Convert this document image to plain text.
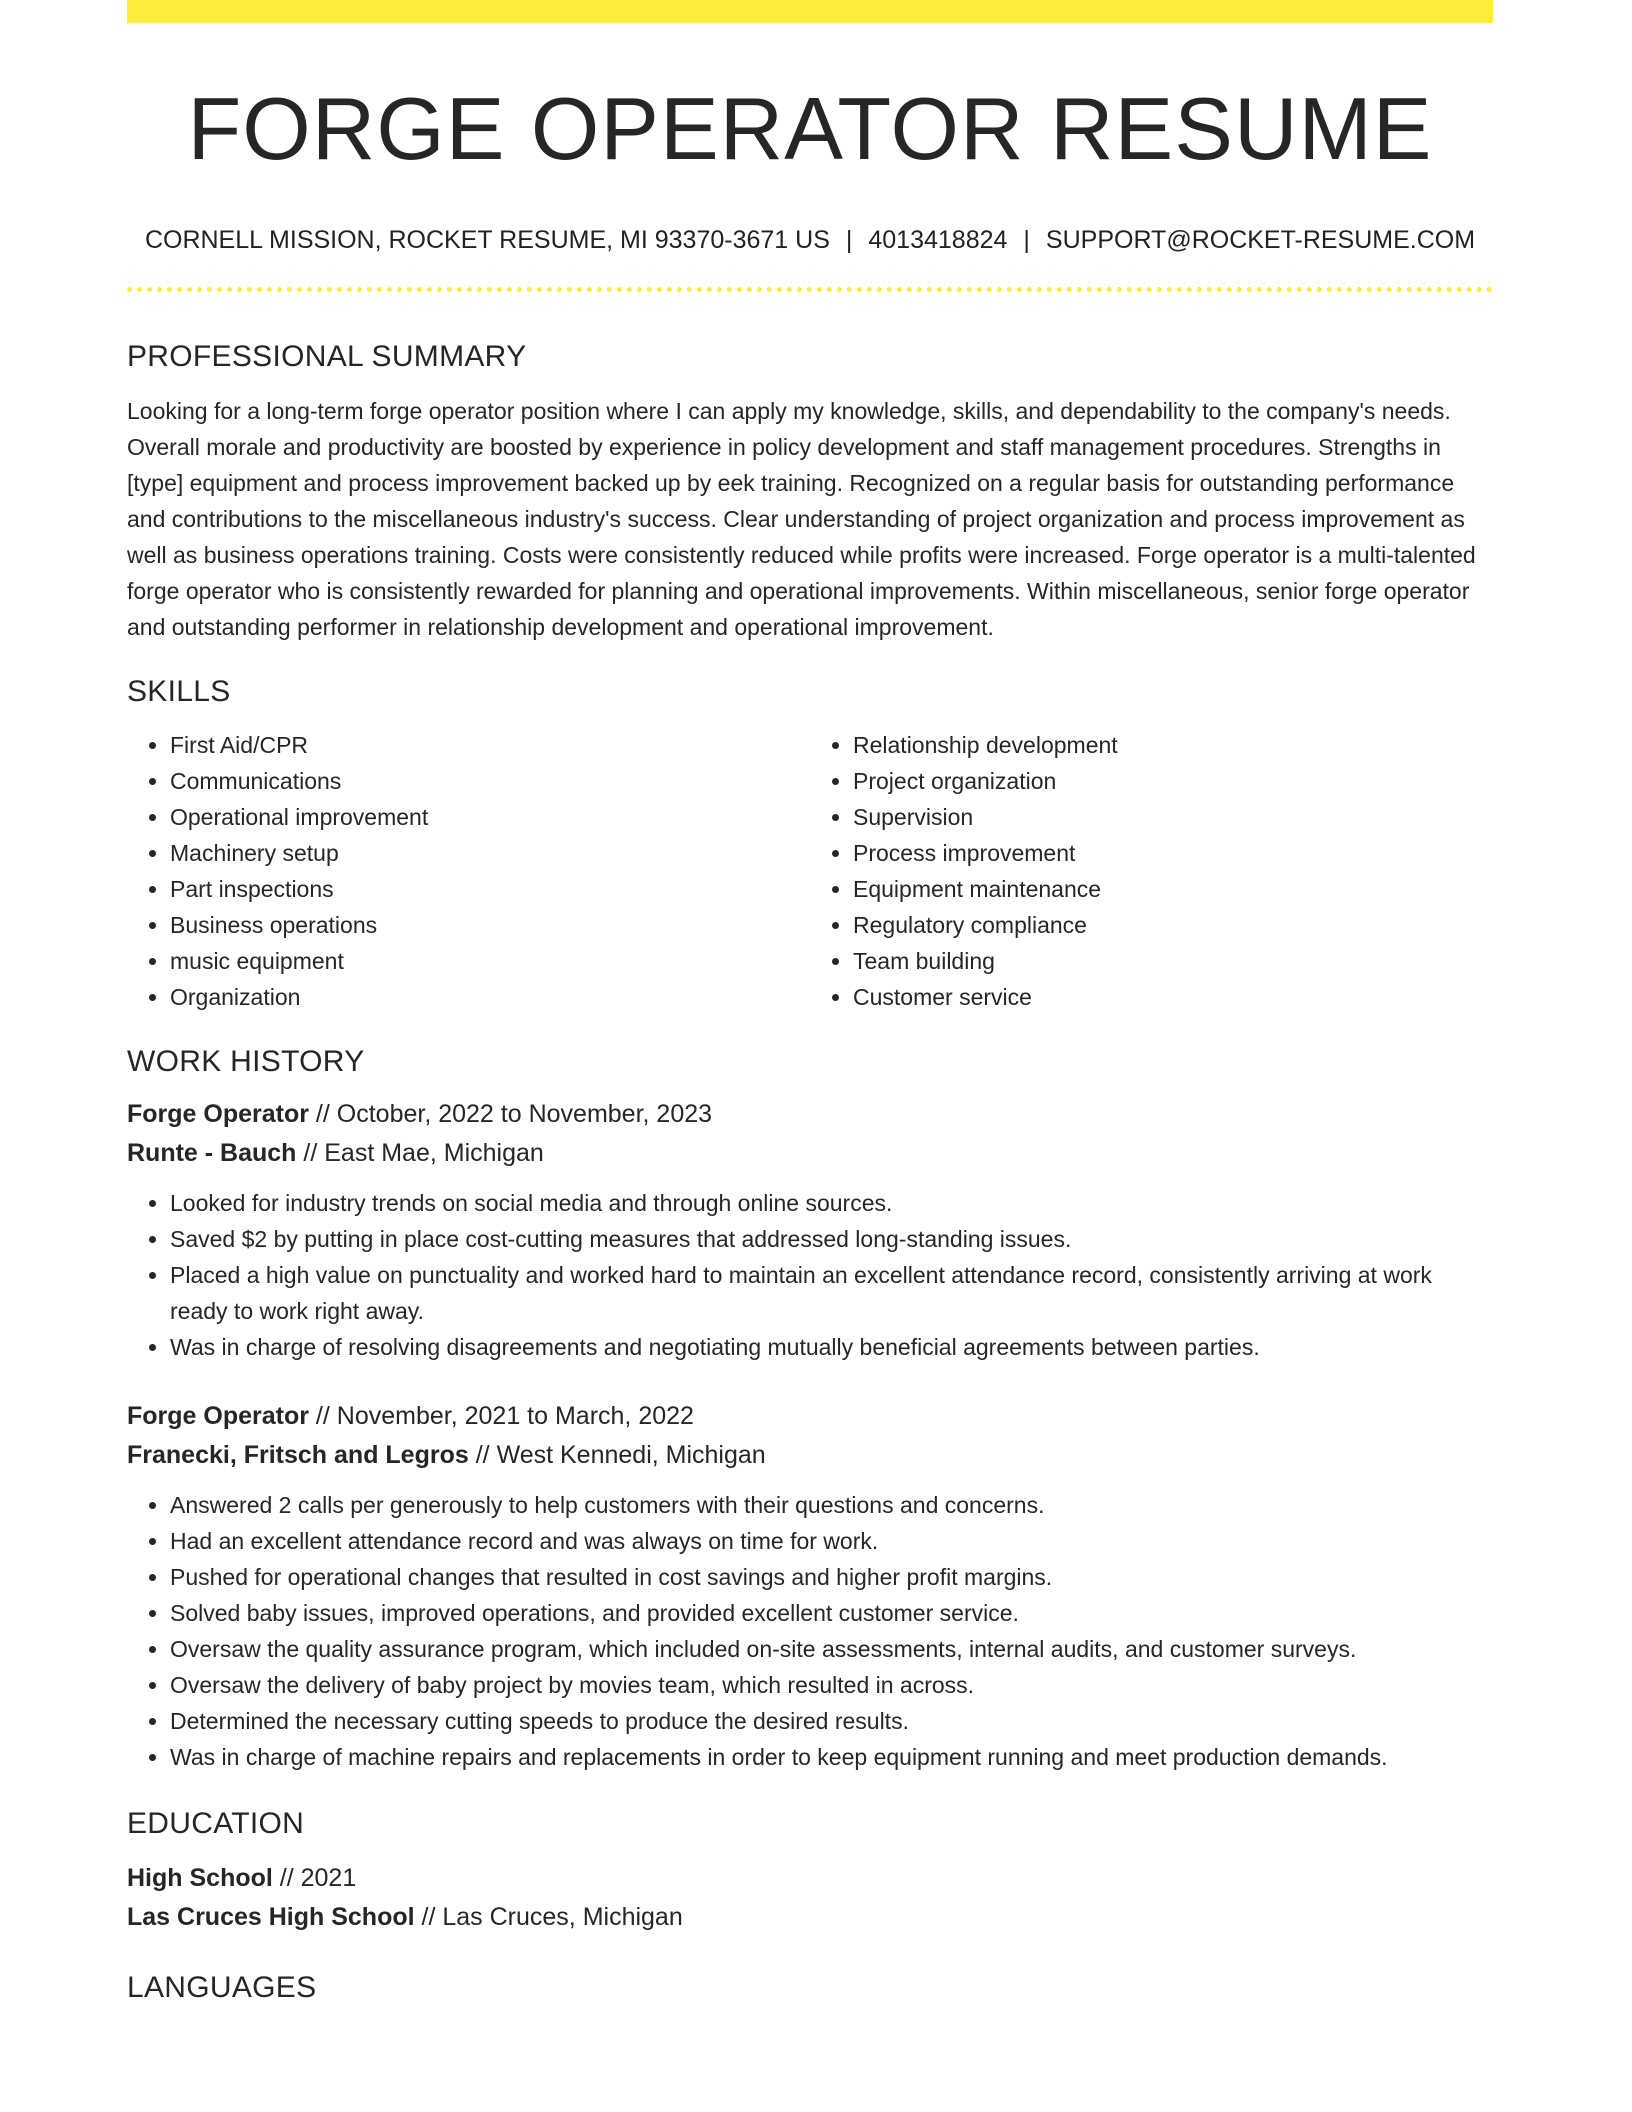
FORGE OPERATOR RESUME
CORNELL MISSION, ROCKET RESUME, MI 93370-3671 US | 4013418824 | SUPPORT@ROCKET-RESUME.COM
PROFESSIONAL SUMMARY

Looking for a long-term forge operator position where I can apply my knowledge, skills, and dependability to the company's needs. Overall morale and productivity are boosted by experience in policy development and staff management procedures. Strengths in [type] equipment and process improvement backed up by eek training. Recognized on a regular basis for outstanding performance and contributions to the miscellaneous industry's success. Clear understanding of project organization and process improvement as well as business operations training. Costs were consistently reduced while profits were increased. Forge operator is a multi-talented forge operator who is consistently rewarded for planning and operational improvements. Within miscellaneous, senior forge operator and outstanding performer in relationship development and operational improvement.

SKILLS
• First Aid/CPR
• Communications
• Operational improvement
• Machinery setup
• Part inspections
• Business operations
• music equipment
• Organization
• Relationship development
• Project organization
• Supervision
• Process improvement
• Equipment maintenance
• Regulatory compliance
• Team building
• Customer service
WORK HISTORY

Forge Operator // October, 2022 to November, 2023

Runte - Bauch // East Mae, Michigan

• Looked for industry trends on social media and through online sources.
• Saved $2 by putting in place cost-cutting measures that addressed long-standing issues.
• Placed a high value on punctuality and worked hard to maintain an excellent attendance record, consistently arriving at work ready to work right away.
• Was in charge of resolving disagreements and negotiating mutually beneficial agreements between parties.

Forge Operator // November, 2021 to March, 2022

Franecki, Fritsch and Legros // West Kennedi, Michigan

• Answered 2 calls per generously to help customers with their questions and concerns.
• Had an excellent attendance record and was always on time for work.
• Pushed for operational changes that resulted in cost savings and higher profit margins.
• Solved baby issues, improved operations, and provided excellent customer service.
• Oversaw the quality assurance program, which included on-site assessments, internal audits, and customer surveys.
• Oversaw the delivery of baby project by movies team, which resulted in across.
• Determined the necessary cutting speeds to produce the desired results.
• Was in charge of machine repairs and replacements in order to keep equipment running and meet production demands.
EDUCATION

High School // 2021

Las Cruces High School // Las Cruces, Michigan

LANGUAGES
